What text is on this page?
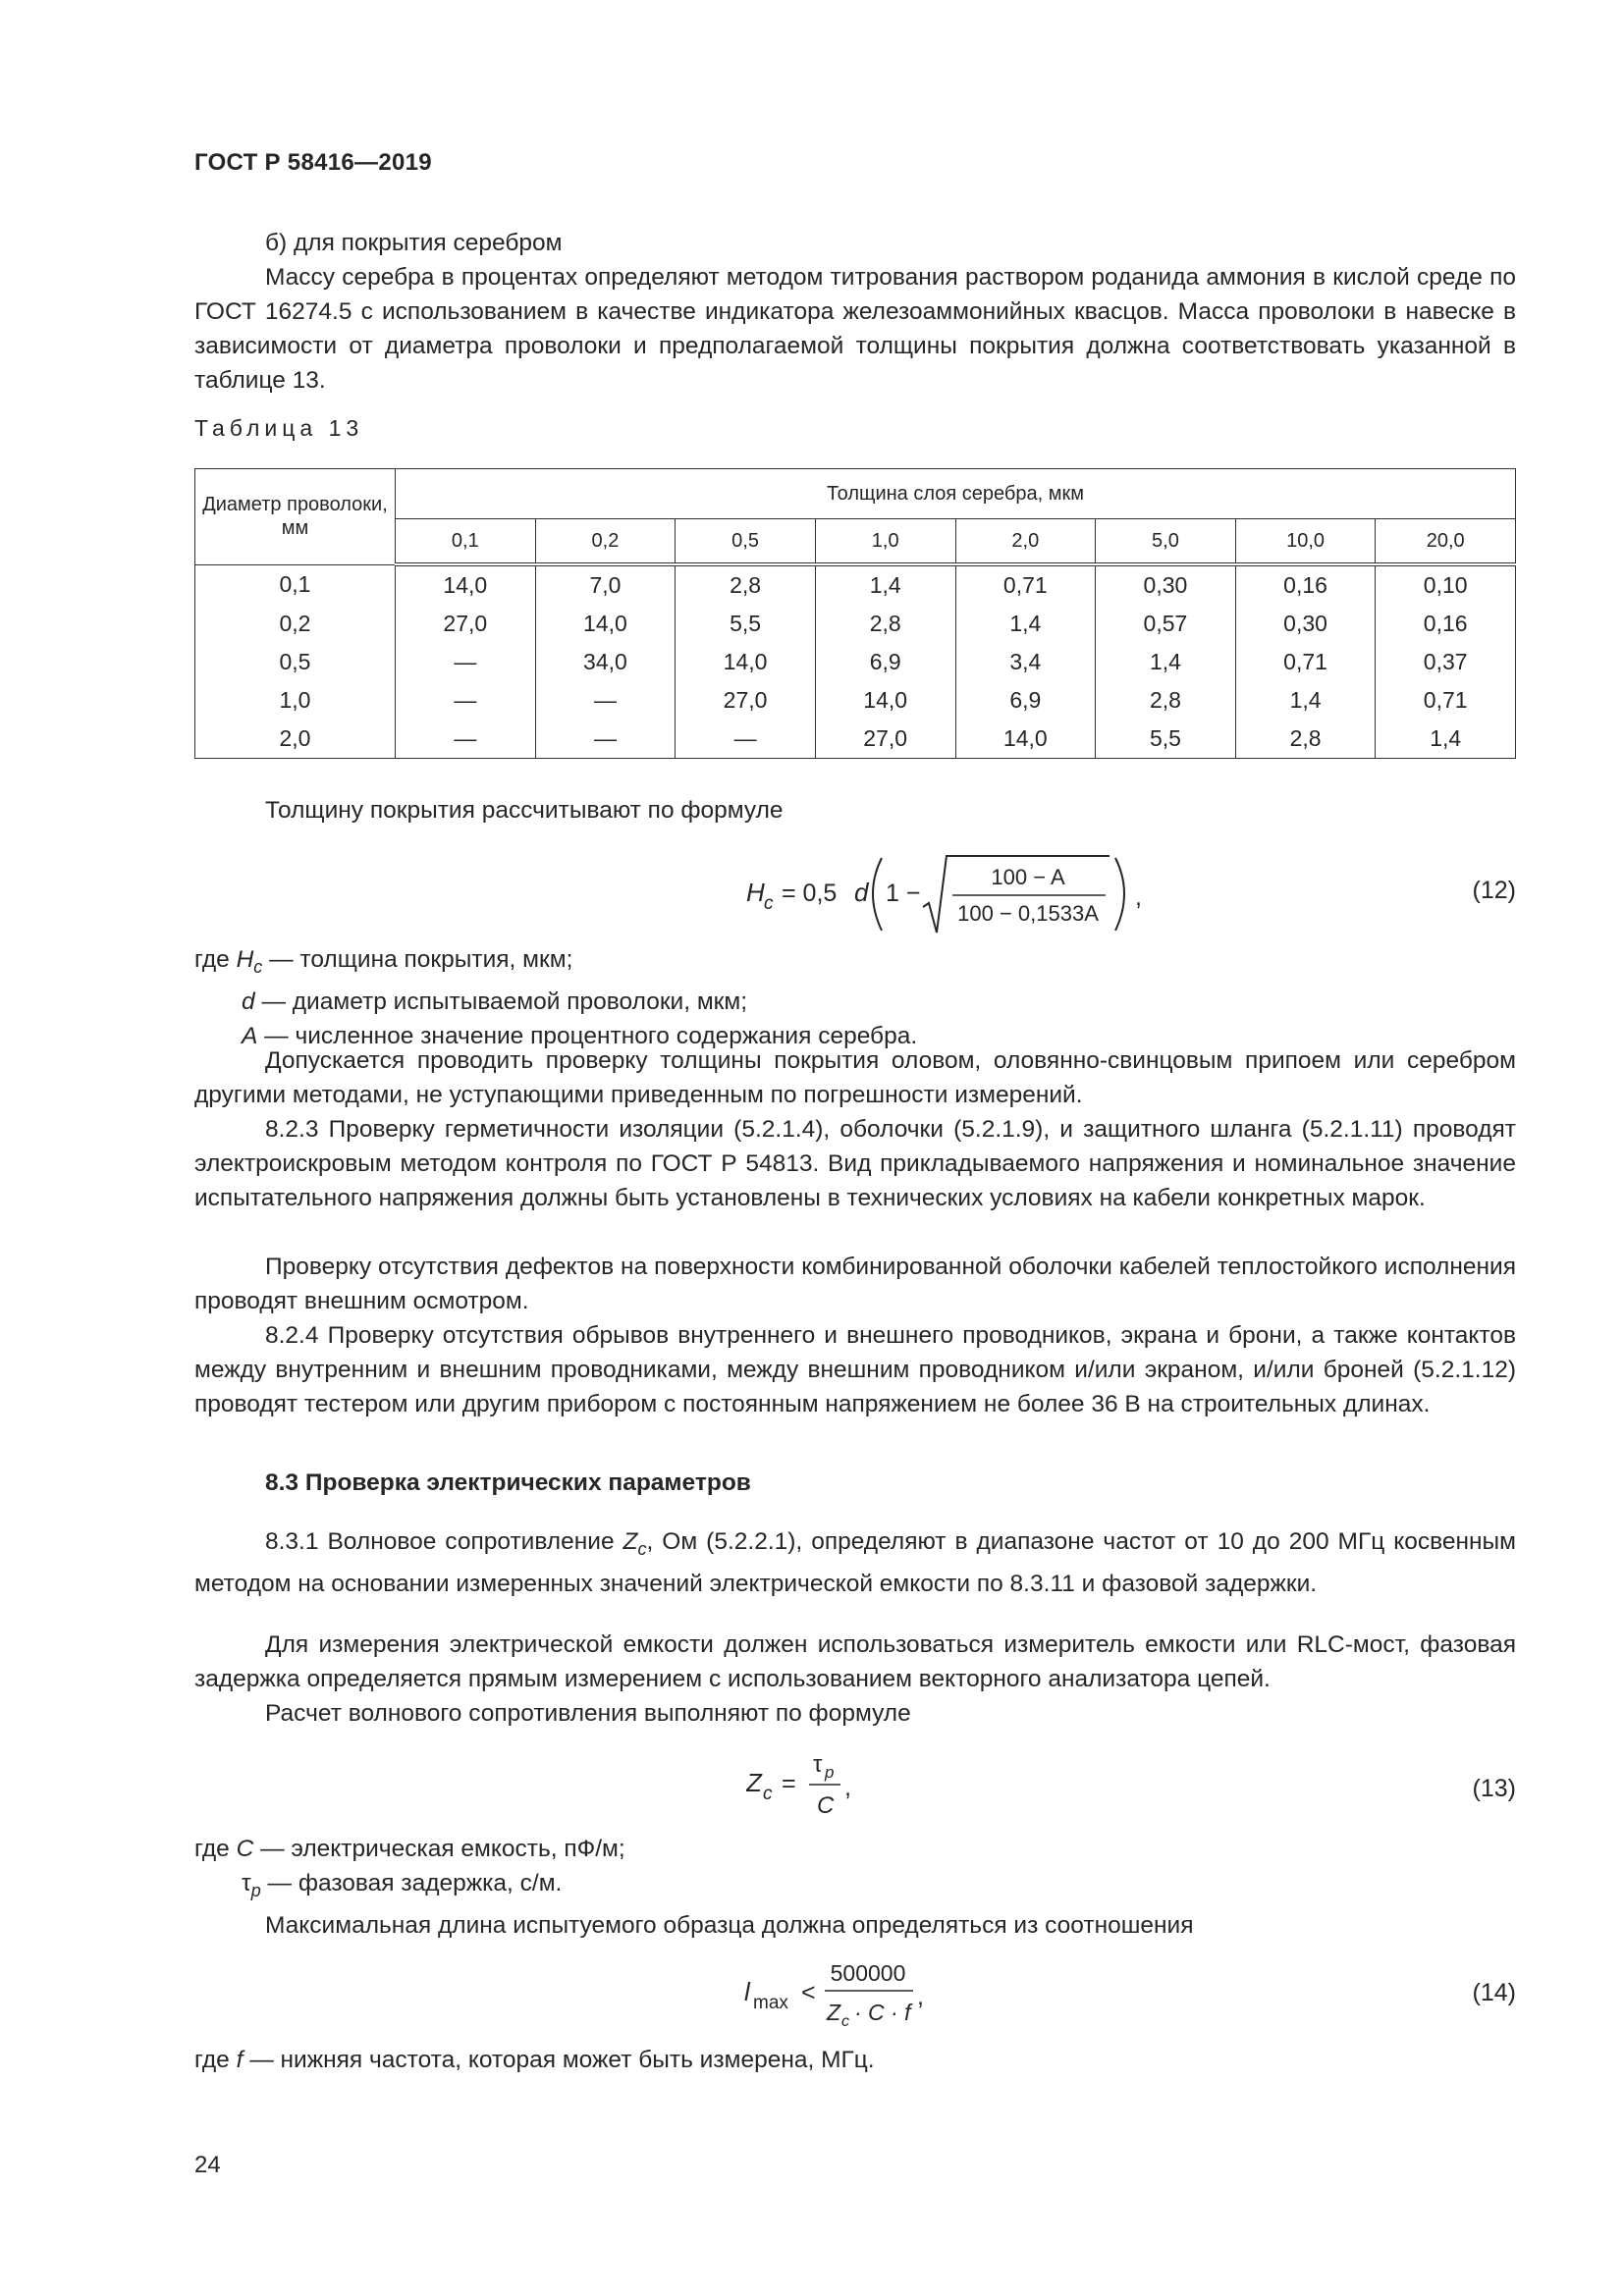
ГОСТ Р 58416—2019

б) для покрытия серебром

Массу серебра в процентах определяют методом титрования раствором роданида аммония в кислой среде по ГОСТ 16274.5 с использованием в качестве индикатора железоаммонийных квасцов. Масса проволоки в навеске в зависимости от диаметра проволоки и предполагаемой толщины покрытия должна соответствовать указанной в таблице 13.

Таблица 13
Диаметр проволоки, мм	Толщина слоя серебра, мкм							
	0,1	0,2	0,5	1,0	2,0	5,0	10,0	20,0
0,1	14,0	7,0	2,8	1,4	0,71	0,30	0,16	0,10
0,2	27,0	14,0	5,5	2,8	1,4	0,57	0,30	0,16
0,5	—	34,0	14,0	6,9	3,4	1,4	0,71	0,37
1,0	—	—	27,0	14,0	6,9	2,8	1,4	0,71
2,0	—	—	—	27,0	14,0	5,5	2,8	1,4

Толщину покрытия рассчитывают по формуле

H c = 0,5 d 1 −
100 − A
100 − 0,1533A
,	(12)
где $H_c$ — толщина покрытия, мкм;
d — диаметр испытываемой проволоки, мкм;
A — численное значение процентного содержания серебра.

Допускается проводить проверку толщины покрытия оловом, оловянно-свинцовым припоем или серебром другими методами, не уступающими приведенным по погрешности измерений.

8.2.3 Проверку герметичности изоляции (5.2.1.4), оболочки (5.2.1.9), и защитного шланга (5.2.1.11) проводят электроискровым методом контроля по ГОСТ Р 54813. Вид прикладываемого напряжения и номинальное значение испытательного напряжения должны быть установлены в технических условиях на кабели конкретных марок.

Проверку отсутствия дефектов на поверхности комбинированной оболочки кабелей теплостойкого исполнения проводят внешним осмотром.

8.2.4 Проверку отсутствия обрывов внутреннего и внешнего проводников, экрана и брони, а также контактов между внутренним и внешним проводниками, между внешним проводником и/или экраном, и/или броней (5.2.1.12) проводят тестером или другим прибором с постоянным напряжением не более 36 В на строительных длинах.

8.3 Проверка электрических параметров

8.3.1 Волновое сопротивление $Z_c$, Ом (5.2.2.1), определяют в диапазоне частот от 10 до 200 МГц косвенным методом на основании измеренных значений электрической емкости по 8.3.11 и фазовой задержки.

Для измерения электрической емкости должен использоваться измеритель емкости или RLC-мост, фазовая задержка определяется прямым измерением с использованием векторного анализатора цепей.

Расчет волнового сопротивления выполняют по формуле

Z c =
τ p
C
,	(13)
где C — электрическая емкость, пФ/м;
$\tau_p$ — фазовая задержка, с/м.

Максимальная длина испытуемого образца должна определяться из соотношения

l max <
500000
Z c · C · f
,	(14)
где f — нижняя частота, которая может быть измерена, МГц.
24
